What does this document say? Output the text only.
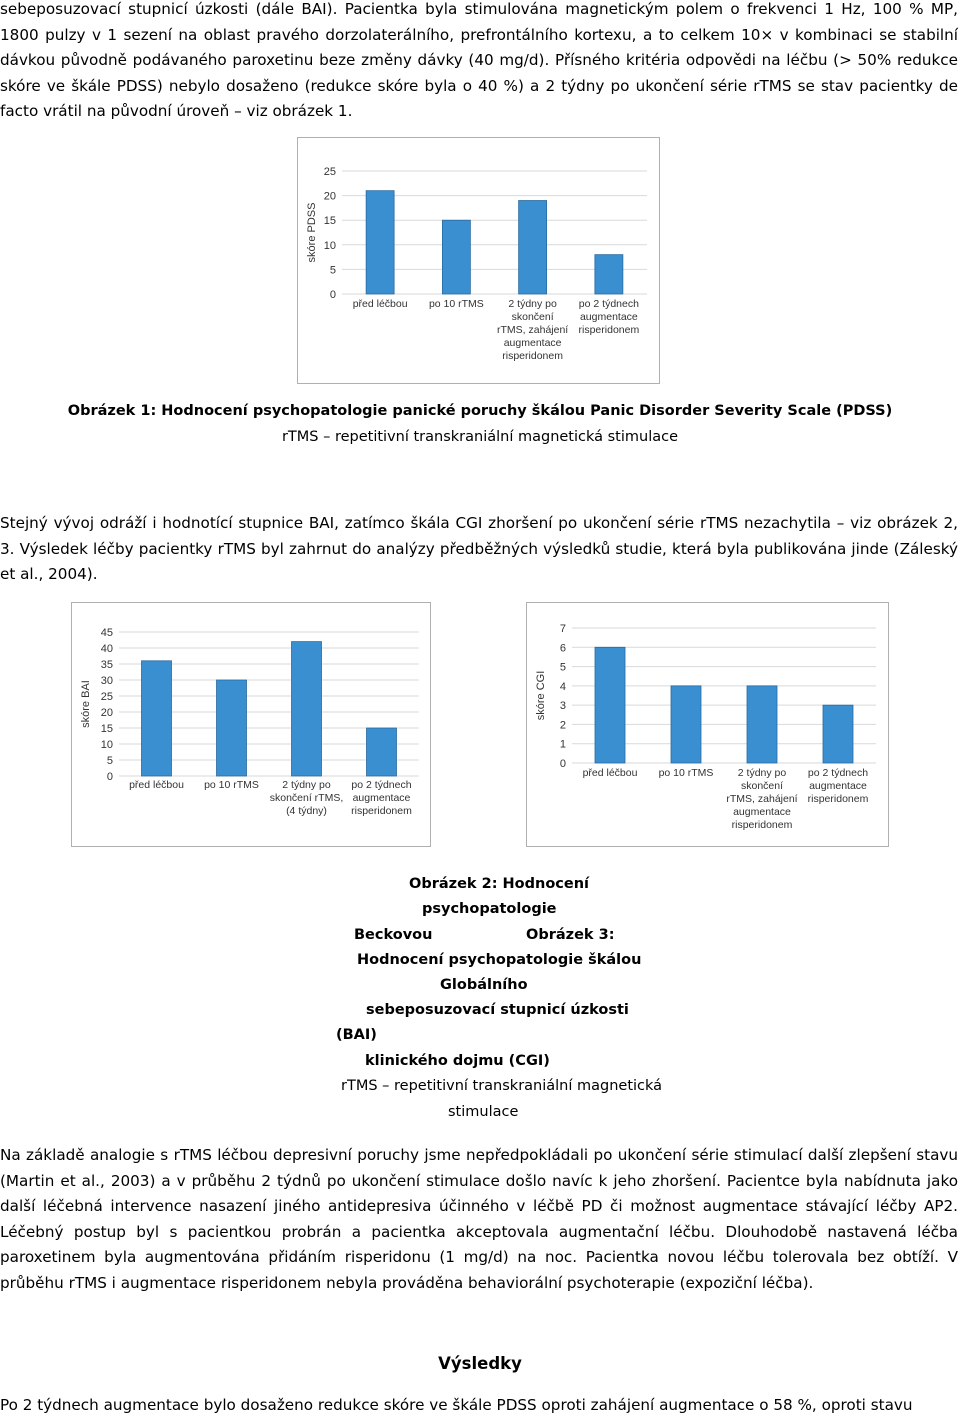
sebeposuzovací stupnicí úzkosti (dále BAI). Pacientka byla stimulována magnetickým polem o frekvenci 1 Hz, 100 % MP, 1800 pulzy v 1 sezení na oblast pravého dorzolaterálního, prefrontálního kortexu, a to celkem 10× v kombinaci se stabilní dávkou původně podávaného paroxetinu beze změny dávky (40 mg/d). Přísného kritéria odpovědi na léčbu (> 50% redukce skóre ve škále PDSS) nebylo dosaženo (redukce skóre byla o 40 %) a 2 týdny po ukončení série rTMS se stav pacientky de facto vrátil na původní úroveň – viz obrázek 1.

0
5
10
15
20
25
skóre PDSS
před léčbou po 10 rTMS 2 týdny po
skončení
rTMS, zahájení
augmentace
risperidonem
po 2 týdnech
augmentace
risperidonem
Obrázek 1: Hodnocení psychopatologie panické poruchy škálou Panic Disorder Severity Scale (PDSS)
rTMS – repetitivní transkraniální magnetická stimulace

Stejný vývoj odráží i hodnotící stupnice BAI, zatímco škála CGI zhoršení po ukončení série rTMS nezachytila – viz obrázek 2, 3. Výsledek léčby pacientky rTMS byl zahrnut do analýzy předběžných výsledků studie, která byla publikována jinde (Záleský et al., 2004).

0
5
10
15
20
25
30
35
40
45
skóre BAI
před léčbou po 10 rTMS 2 týdny po
skončení rTMS,
(4 týdny)
po 2 týdnech
augmentace
risperidonem
0
1
2
3
4
5
6
7
skóre CGI
před léčbou po 10 rTMS 2 týdny po
skončení
rTMS, zahájení
augmentace
risperidonem
po 2 týdnech
augmentace
risperidonem
Obrázek 2: Hodnocení
psychopatologie
Beckovou	Obrázek 3:
Hodnocení psychopatologie škálou
Globálního
sebeposuzovací stupnicí úzkosti
(BAI)
klinického dojmu (CGI)
rTMS – repetitivní transkraniální magnetická
stimulace

Na základě analogie s rTMS léčbou depresivní poruchy jsme nepředpokládali po ukončení série stimulací další zlepšení stavu (Martin et al., 2003) a v průběhu 2 týdnů po ukončení stimulace došlo navíc k jeho zhoršení. Pacientce byla nabídnuta jako další léčebná intervence nasazení jiného antidepresiva účinného v léčbě PD či možnost augmentace stávající léčby AP2. Léčebný postup byl s pacientkou probrán a pacientka akceptovala augmentační léčbu. Dlouhodobě nastavená léčba paroxetinem byla augmentována přidáním risperidonu (1 mg/d) na noc. Pacientka novou léčbu tolerovala bez obtíží. V průběhu rTMS i augmentace risperidonem nebyla prováděna behaviorální psychoterapie (expoziční léčba).

Výsledky

Po 2 týdnech augmentace bylo dosaženo redukce skóre ve škále PDSS oproti zahájení augmentace o 58 %, oproti stavu
